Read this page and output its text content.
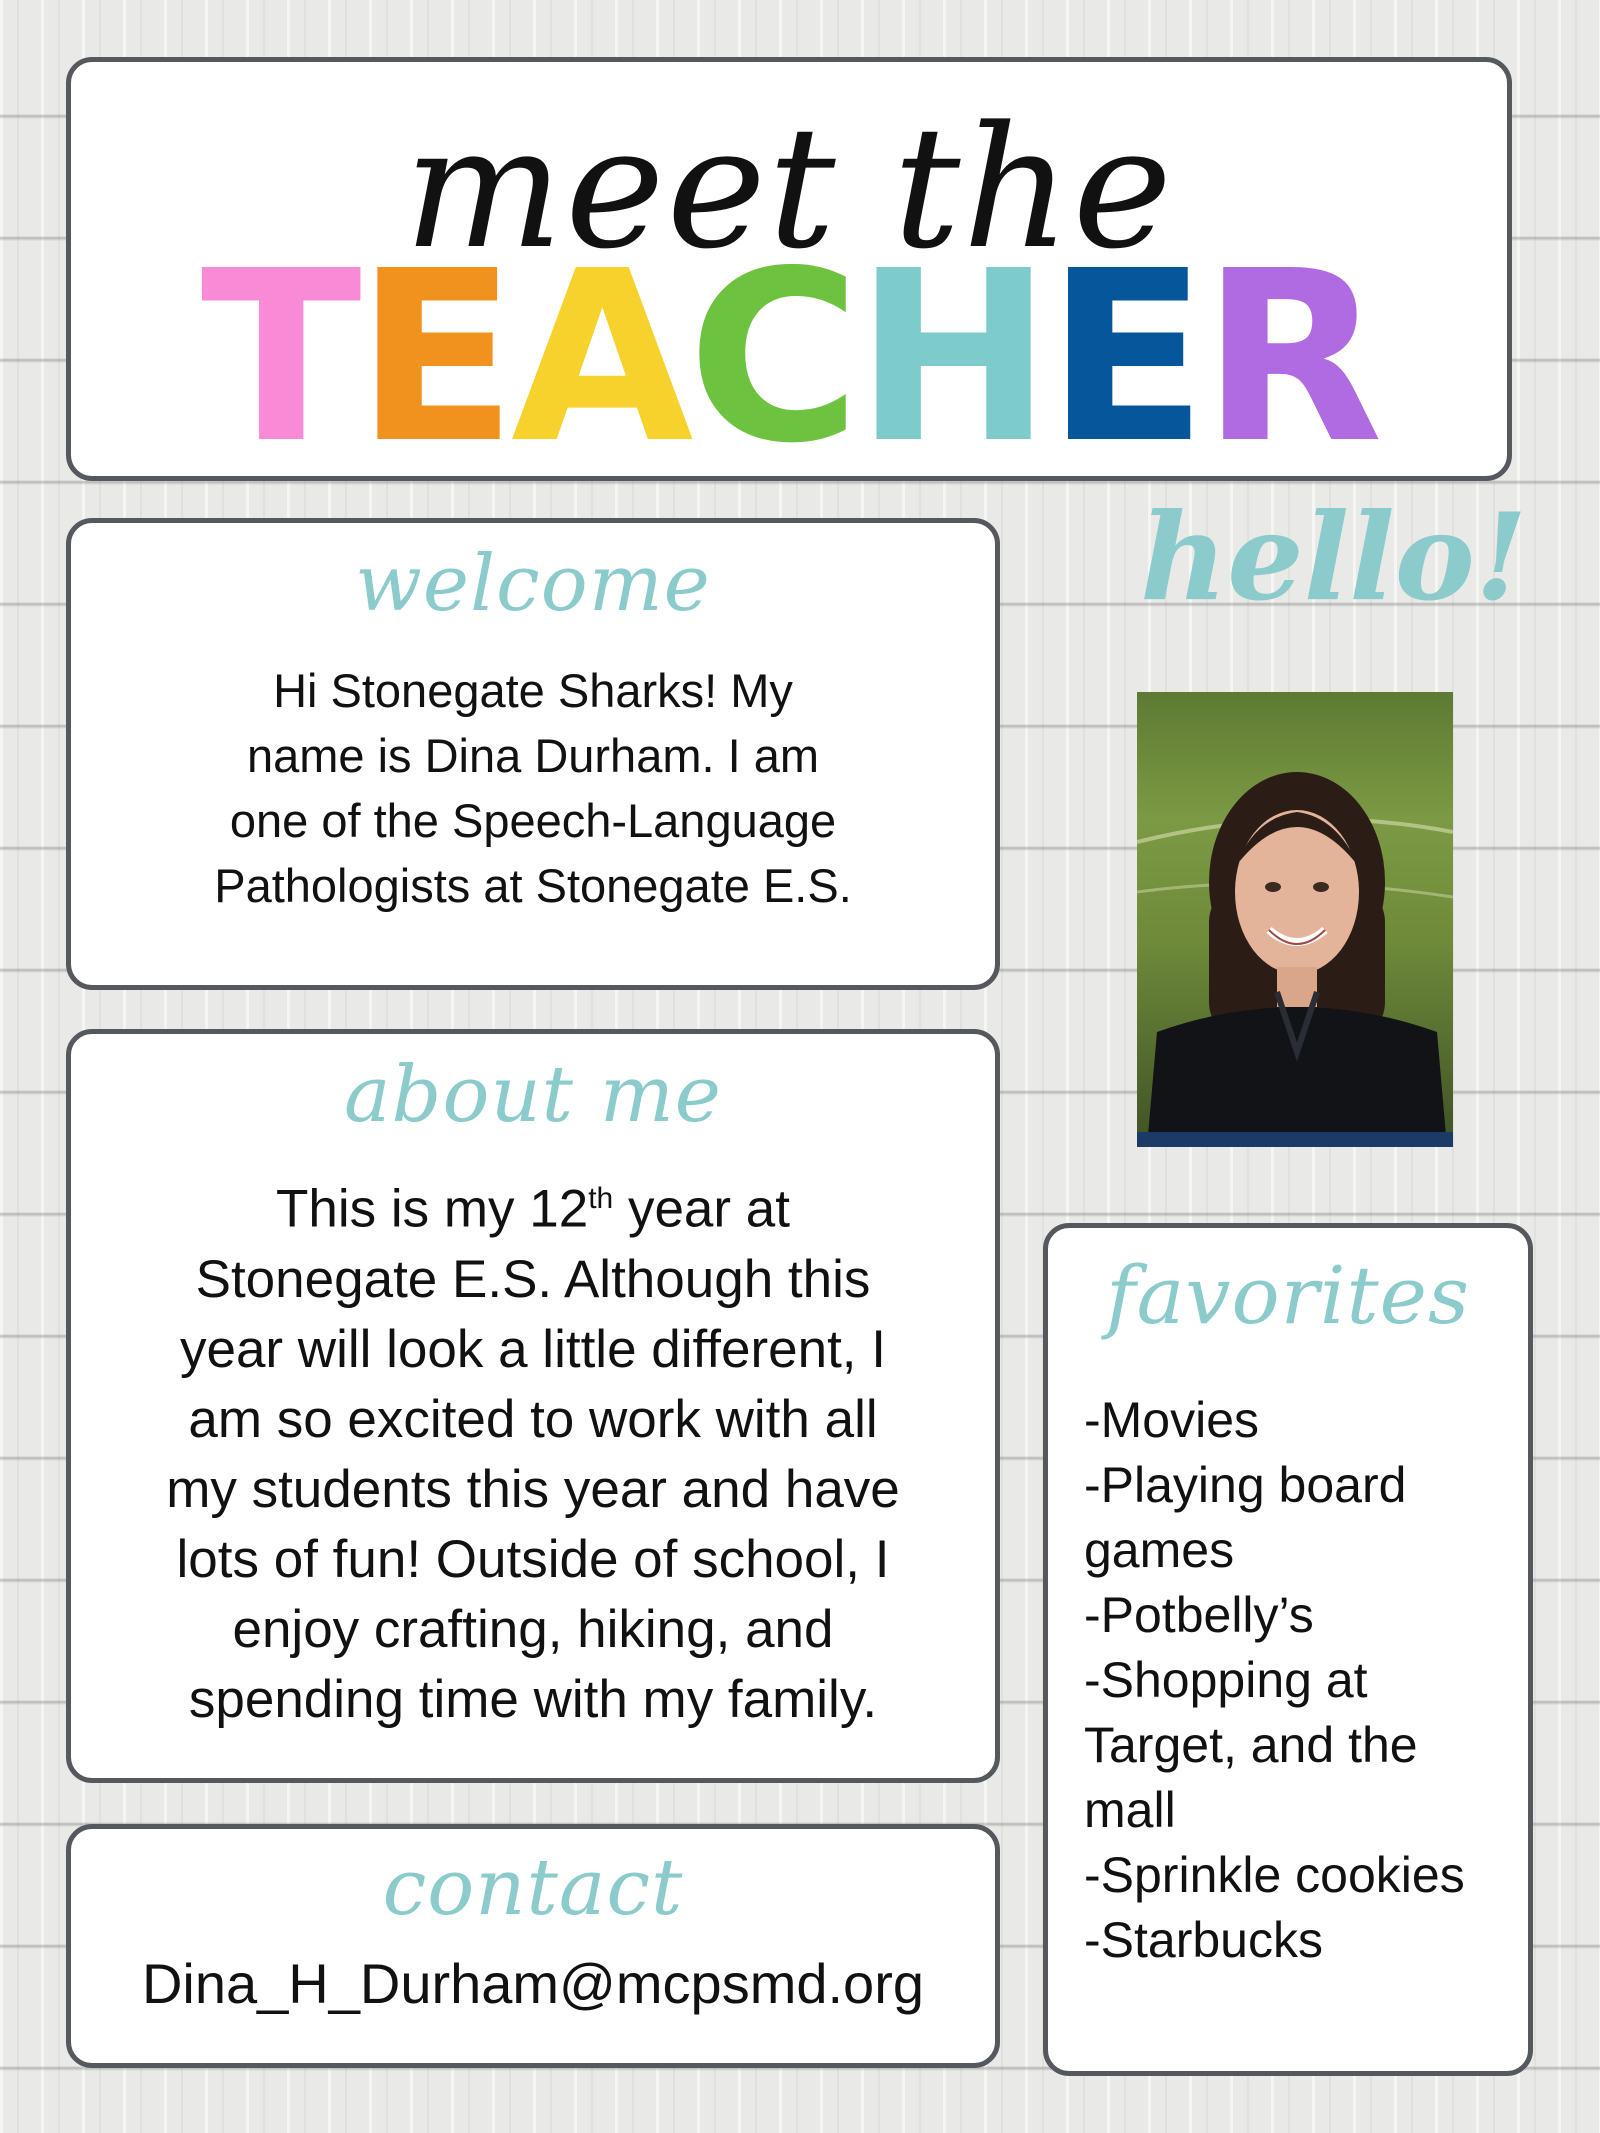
meet the
TEACHER
hello!
welcome
Hi Stonegate Sharks! My
name is Dina Durham. I am
one of the Speech-Language
Pathologists at Stonegate E.S.
about me
This is my 12th year at
Stonegate E.S. Although this
year will look a little different, I
am so excited to work with all
my students this year and have
lots of fun! Outside of school, I
enjoy crafting, hiking, and
spending time with my family.
contact
Dina_H_Durham@mcpsmd.org
favorites
-Movies
-Playing board games
-Potbelly’s
-Shopping at Target, and the mall
-Sprinkle cookies
-Starbucks
